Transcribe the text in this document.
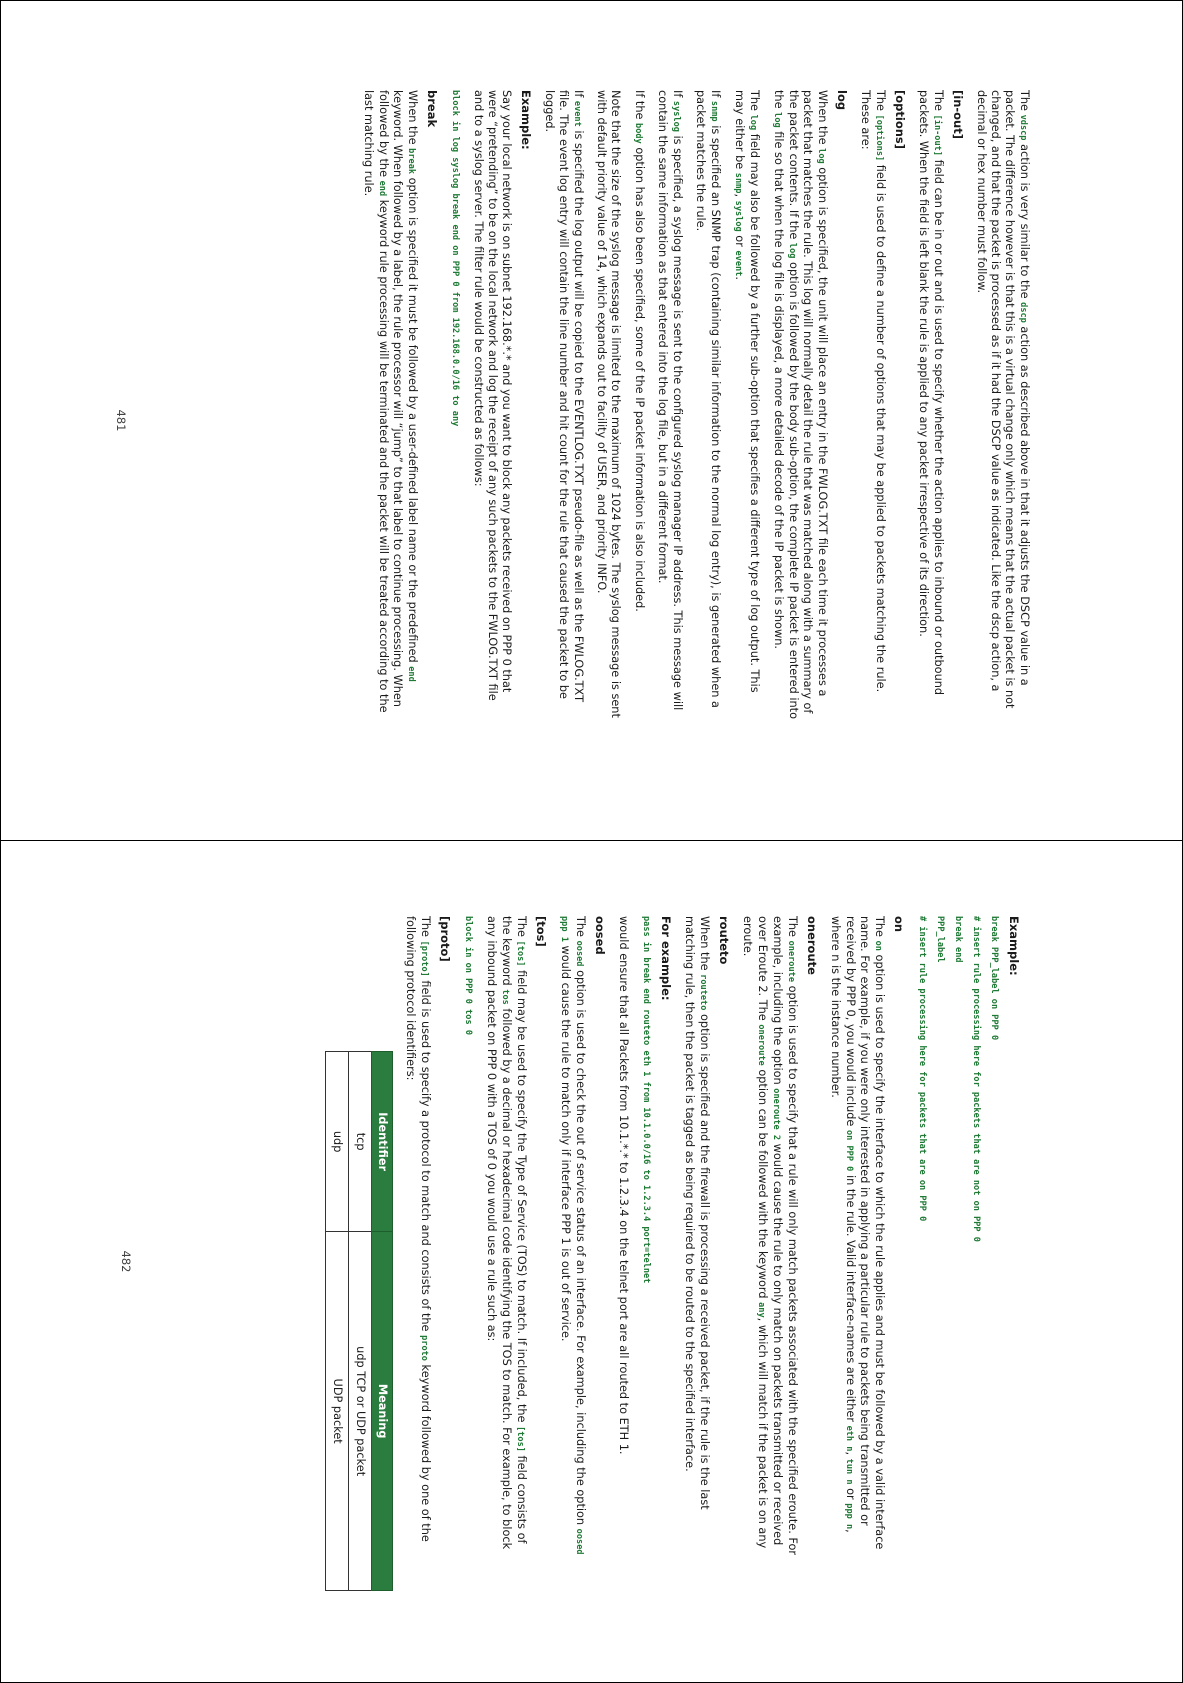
The vdscp action is very similar to the dscp action as described above in that it adjusts the DSCP value in a packet. The difference however is that this is a virtual change only which means that the actual packet is not changed, and that the packet is processed as if it had the DSCP value as indicated. Like the dscp action, a decimal or hex number must follow.

[in-out]

The [in-out] field can be in or out and is used to specify whether the action applies to inbound or outbound packets. When the field is left blank the rule is applied to any packet irrespective of its direction.

[options]

The [options] field is used to define a number of options that may be applied to packets matching the rule. These are:

log

When the log option is specified, the unit will place an entry in the FWLOG.TXT file each time it processes a packet that matches the rule. This log will normally detail the rule that was matched along with a summary of the packet contents. If the log option is followed by the body sub-option, the complete IP packet is entered into the log file so that when the log file is displayed, a more detailed decode of the IP packet is shown.

The log field may also be followed by a further sub-option that specifies a different type of log output. This may either be snmp, syslog or event.

If snmp is specified an SNMP trap (containing similar information to the normal log entry), is generated when a packet matches the rule.

If syslog is specified, a syslog message is sent to the configured syslog manager IP address. This message will contain the same information as that entered into the log file, but in a different format.

If the body option has also been specified, some of the IP packet information is also included.

Note that the size of the syslog message is limited to the maximum of 1024 bytes. The syslog message is sent with default priority value of 14, which expands out to facility of USER, and priority INFO.

If event is specified the log output will be copied to the EVENTLOG.TXT pseudo-file as well as the FWLOG.TXT file. The event log entry will contain the line number and hit count for the rule that caused the packet to be logged.

Example:

Say your local network is on subnet 192.168.*.* and you want to block any packets received on PPP 0 that were “pretending” to be on the local network and log the receipt of any such packets to the FWLOG.TXT file and to a syslog server. The filter rule would be constructed as follows:

block in log syslog break end on PPP 0 from 192.168.0.0/16 to any
break

When the break option is specified it must be followed by a user-defined label name or the predefined end keyword. When followed by a label, the rule processor will “jump” to that label to continue processing. When followed by the end keyword rule processing will be terminated and the packet will be treated according to the last matching rule.

481
Example:
break PPP_label on PPP 0
# insert rule processing here for packets that are not on PPP 0
break end
PPP_label
# insert rule processing here for packets that are on PPP 0
on

The on option is used to specify the interface to which the rule applies and must be followed by a valid interface name. For example, if you were only interested in applying a particular rule to packets being transmitted or received by PPP 0, you would include on PPP 0 in the rule. Valid interface-names are either eth n, tun n or ppp n, where n is the instance number.

oneroute

The oneroute option is used to specify that a rule will only match packets associated with the specified eroute. For example, including the option oneroute 2 would cause the rule to only match on packets transmitted or received over Eroute 2. The oneroute option can be followed with the keyword any, which will match if the packet is on any eroute.

routeto

When the routeto option is specified and the firewall is processing a received packet, if the rule is the last matching rule, then the packet is tagged as being required to be routed to the specified interface.

For example:
pass in break end routeto eth 1 from 10.1.0.0/16 to 1.2.3.4 port=telnet

would ensure that all Packets from 10.1.*.* to 1.2.3.4 on the telnet port are all routed to ETH 1.

oosed

The oosed option is used to check the out of service status of an interface. For example, including the option oosed ppp 1 would cause the rule to match only if interface PPP 1 is out of service.

[tos]

The [tos] field may be used to specify the Type of Service (TOS) to match. If included, the [tos] field consists of the keyword tos followed by a decimal or hexadecimal code identifying the TOS to match. For example, to block any inbound packet on PPP 0 with a TOS of 0 you would use a rule such as:

block in on PPP 0 tos 0
[proto]

The [proto] field is used to specify a protocol to match and consists of the proto keyword followed by one of the following protocol identifiers:

Identifier	Meaning
tcp	udp TCP or UDP packet
udp	UDP packet
482
